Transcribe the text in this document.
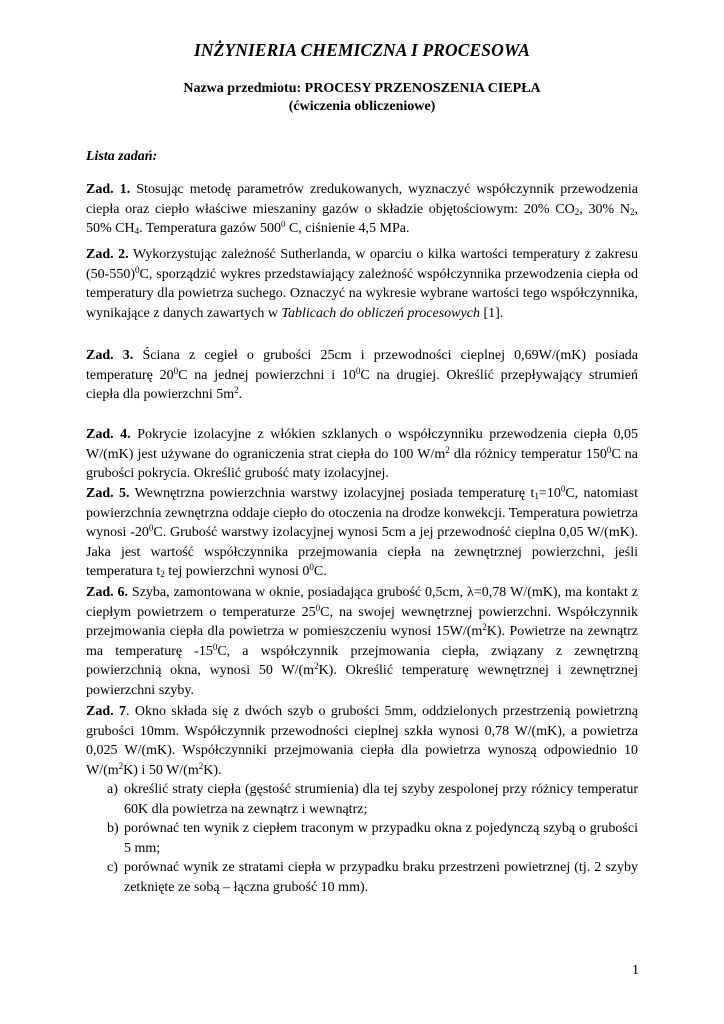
INŻYNIERIA CHEMICZNA I PROCESOWA
Nazwa przedmiotu: PROCESY PRZENOSZENIA CIEPŁA
(ćwiczenia obliczeniowe)
Lista zadań:
Zad. 1. Stosując metodę parametrów zredukowanych, wyznaczyć współczynnik przewodzenia ciepła oraz ciepło właściwe mieszaniny gazów o składzie objętościowym: 20% $CO_2$, 30% $N_2$, 50% $CH_4$. Temperatura gazów $500^0$ C, ciśnienie 4,5 MPa.
Zad. 2. Wykorzystując zależność Sutherlanda, w oparciu o kilka wartości temperatury z zakresu $(50-550)^0C$, sporządzić wykres przedstawiający zależność współczynnika przewodzenia ciepła od temperatury dla powietrza suchego. Oznaczyć na wykresie wybrane wartości tego współczynnika, wynikające z danych zawartych w Tablicach do obliczeń procesowych [1].
Zad. 3. Ściana z cegieł o grubości 25cm i przewodności cieplnej 0,69W/(mK) posiada temperaturę $20^0C$ na jednej powierzchni i $10^0C$ na drugiej. Określić przepływający strumień ciepła dla powierzchni $5m^2$.
Zad. 4. Pokrycie izolacyjne z włókien szklanych o współczynniku przewodzenia ciepła 0,05 W/(mK) jest używane do ograniczenia strat ciepła do 100 $W/m^2$ dla różnicy temperatur $150^0C$ na grubości pokrycia. Określić grubość maty izolacyjnej.
Zad. 5. Wewnętrzna powierzchnia warstwy izolacyjnej posiada temperaturę $t_1=10^0C$, natomiast powierzchnia zewnętrzna oddaje ciepło do otoczenia na drodze konwekcji. Temperatura powietrza wynosi $-20^0C$. Grubość warstwy izolacyjnej wynosi 5cm a jej przewodność cieplna 0,05 W/(mK). Jaka jest wartość współczynnika przejmowania ciepła na zewnętrznej powierzchni, jeśli temperatura $t_2$ tej powierzchni wynosi $0^0C$.
Zad. 6. Szyba, zamontowana w oknie, posiadająca grubość 0,5cm, λ=0,78 W/(mK), ma kontakt z ciepłym powietrzem o temperaturze $25^0C$, na swojej wewnętrznej powierzchni. Współczynnik przejmowania ciepła dla powietrza w pomieszczeniu wynosi $15W/(m^2K)$. Powietrze na zewnątrz ma temperaturę $-15^0C$, a współczynnik przejmowania ciepła, związany z zewnętrzną powierzchnią okna, wynosi 50 $W/(m^2K)$. Określić temperaturę wewnętrznej i zewnętrznej powierzchni szyby.
Zad. 7. Okno składa się z dwóch szyb o grubości 5mm, oddzielonych przestrzenią powietrzną grubości 10mm. Współczynnik przewodności cieplnej szkła wynosi 0,78 W/(mK), a powietrza 0,025 W/(mK). Współczynniki przejmowania ciepła dla powietrza wynoszą odpowiednio 10 $W/(m^2K)$ i 50 $W/(m^2K)$.
a) określić straty ciepła (gęstość strumienia) dla tej szyby zespolonej przy różnicy temperatur 60K dla powietrza na zewnątrz i wewnątrz;
b) porównać ten wynik z ciepłem traconym w przypadku okna z pojedynczą szybą o grubości 5 mm;
c) porównać wynik ze stratami ciepła w przypadku braku przestrzeni powietrznej (tj. 2 szyby zetknięte ze sobą – łączna grubość 10 mm).
1
